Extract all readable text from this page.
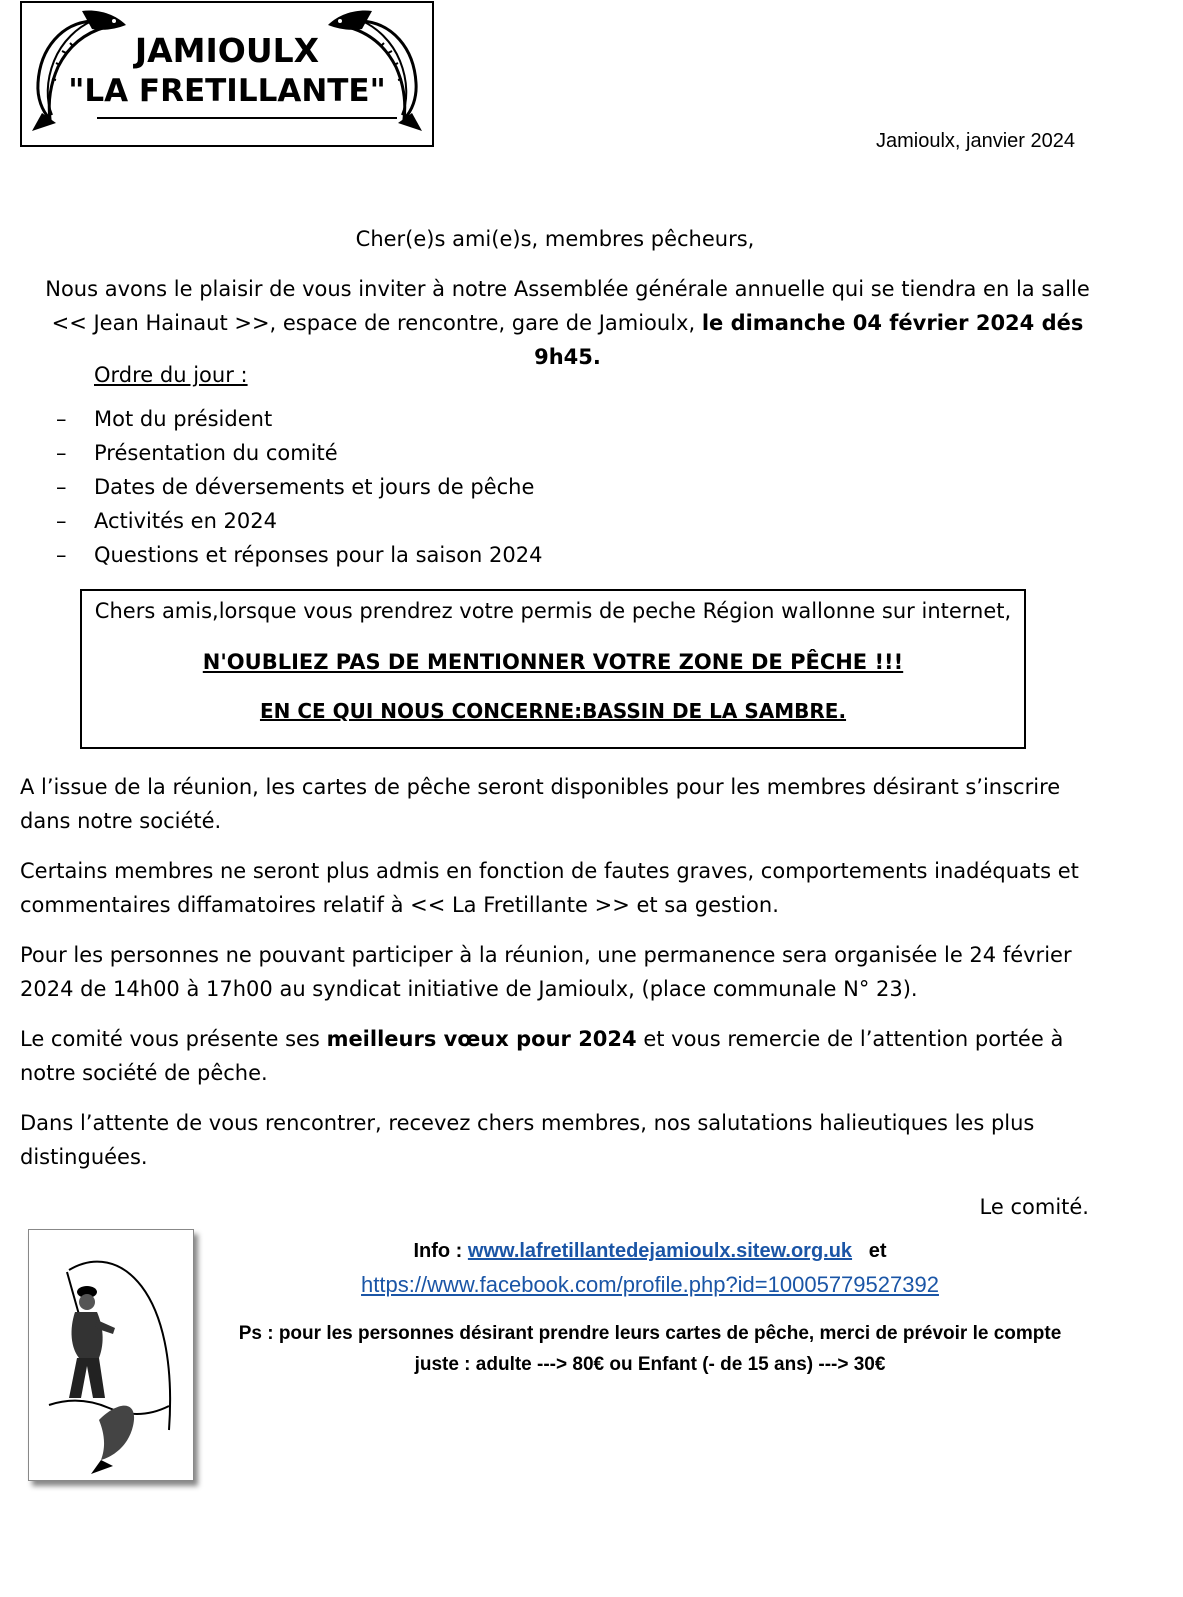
JAMIOULX
"LA FRETILLANTE"
Jamioulx, janvier 2024
Cher(e)s ami(e)s, membres pêcheurs,
Nous avons le plaisir de vous inviter à notre Assemblée générale annuelle qui se tiendra en la salle << Jean Hainaut >>, espace de rencontre, gare de Jamioulx, le dimanche 04 février 2024 dés 9h45.
Ordre du jour :
– Mot du président
– Présentation du comité
– Dates de déversements et jours de pêche
– Activités en 2024
– Questions et réponses pour la saison 2024
Chers amis,lorsque vous prendrez votre permis de peche Région wallonne sur internet,
N'OUBLIEZ PAS DE MENTIONNER VOTRE ZONE DE PÊCHE !!!
EN CE QUI NOUS CONCERNE:BASSIN DE LA SAMBRE.
A l’issue de la réunion, les cartes de pêche seront disponibles pour les membres désirant s’inscrire dans notre société.
Certains membres ne seront plus admis en fonction de fautes graves, comportements inadéquats et commentaires diffamatoires relatif à << La Fretillante >> et sa gestion.
Pour les personnes ne pouvant participer à la réunion, une permanence sera organisée le 24 février 2024 de 14h00 à 17h00 au syndicat initiative de Jamioulx, (place communale N° 23).
Le comité vous présente ses meilleurs vœux pour 2024 et vous remercie de l’attention portée à notre société de pêche.
Dans l’attente de vous rencontrer, recevez chers membres, nos salutations halieutiques les plus distinguées.
Le comité.
Info : www.lafretillantedejamioulx.sitew.org.uk et
https://www.facebook.com/profile.php?id=10005779527392
Ps : pour les personnes désirant prendre leurs cartes de pêche, merci de prévoir le compte
juste : adulte ---> 80€ ou Enfant (- de 15 ans) ---> 30€
